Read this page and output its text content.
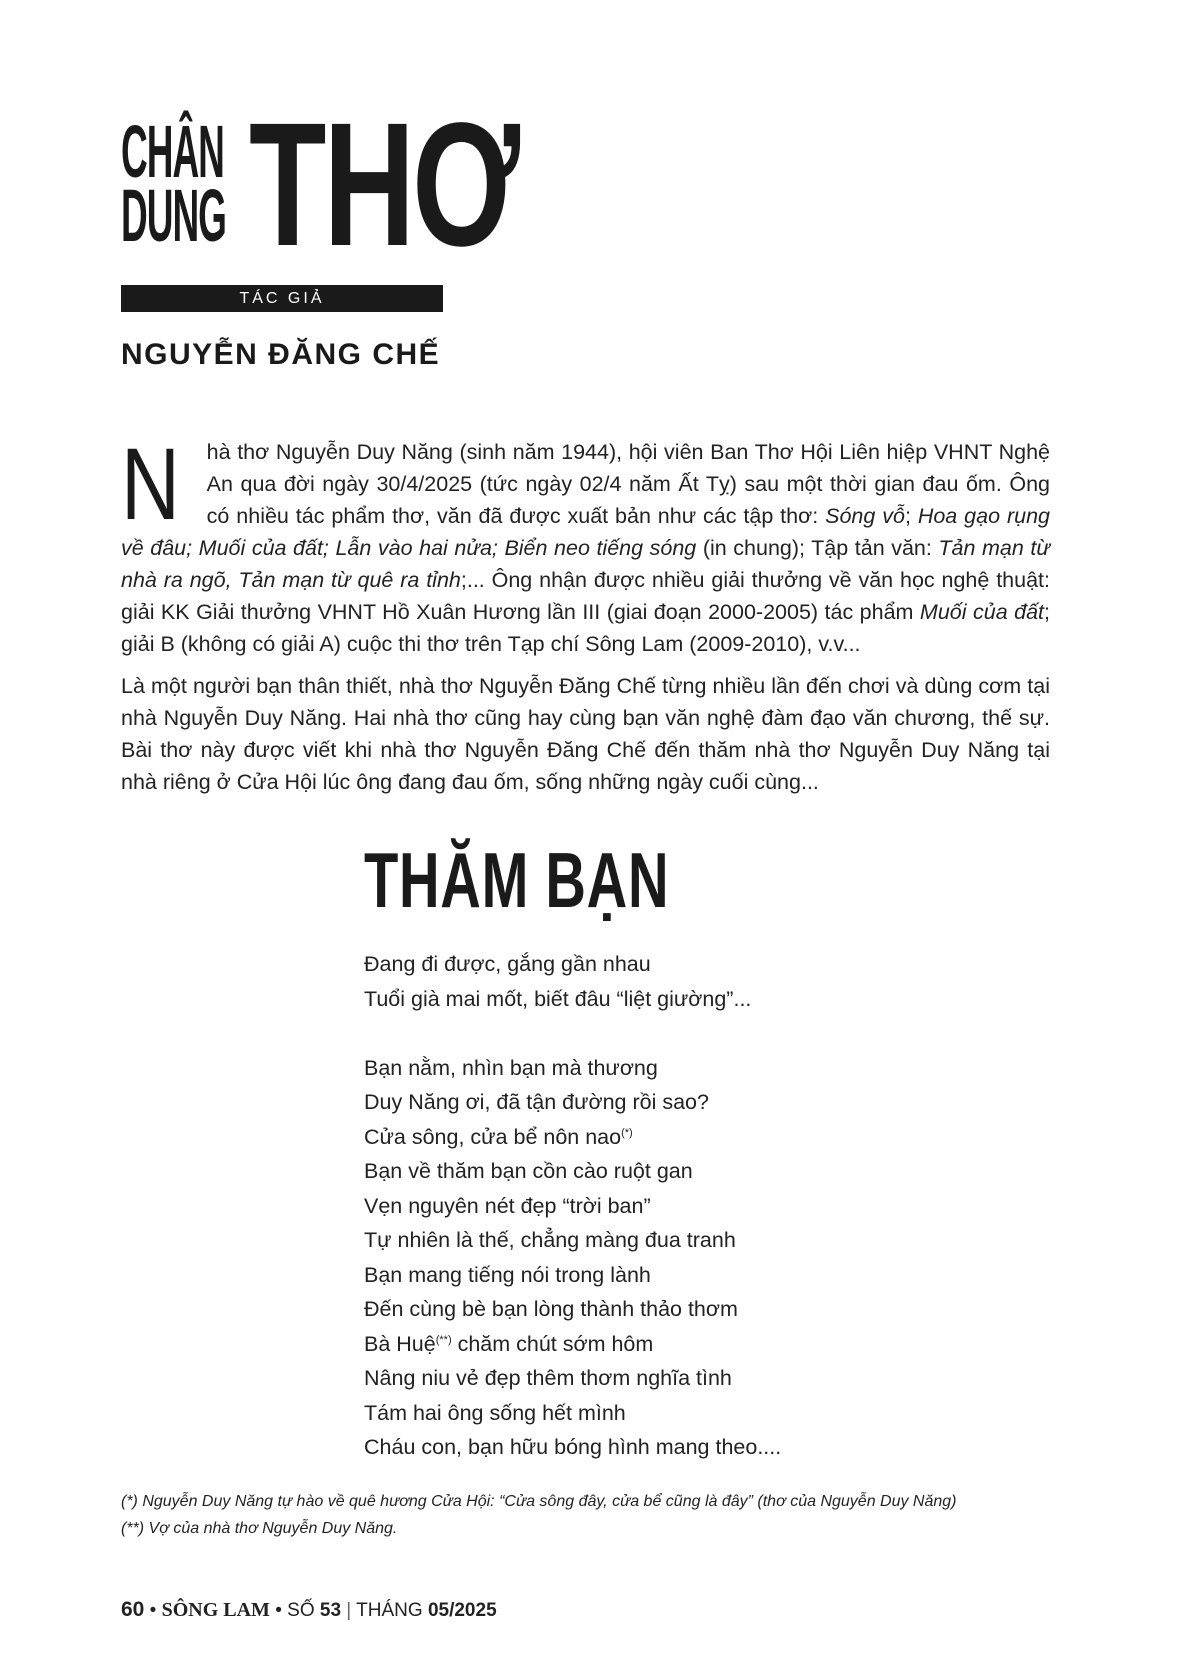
CHÂN
DUNG THƠ
TÁC GIẢ
NGUYỄN ĐĂNG CHẾ

N hà thơ Nguyễn Duy Năng (sinh năm 1944), hội viên Ban Thơ Hội Liên hiệp VHNT Nghệ An qua đời ngày 30/4/2025 (tức ngày 02/4 năm Ất Tỵ) sau một thời gian đau ốm. Ông có nhiều tác phẩm thơ, văn đã được xuất bản như các tập thơ: Sóng vỗ; Hoa gạo rụng về đâu; Muối của đất; Lẫn vào hai nửa; Biển neo tiếng sóng (in chung); Tập tản văn: Tản mạn từ nhà ra ngõ, Tản mạn từ quê ra tỉnh;... Ông nhận được nhiều giải thưởng về văn học nghệ thuật: giải KK Giải thưởng VHNT Hồ Xuân Hương lần III (giai đoạn 2000-2005) tác phẩm Muối của đất; giải B (không có giải A) cuộc thi thơ trên Tạp chí Sông Lam (2009-2010), v.v...

Là một người bạn thân thiết, nhà thơ Nguyễn Đăng Chế từng nhiều lần đến chơi và dùng cơm tại nhà Nguyễn Duy Năng. Hai nhà thơ cũng hay cùng bạn văn nghệ đàm đạo văn chương, thế sự. Bài thơ này được viết khi nhà thơ Nguyễn Đăng Chế đến thăm nhà thơ Nguyễn Duy Năng tại nhà riêng ở Cửa Hội lúc ông đang đau ốm, sống những ngày cuối cùng...

THĂM BẠN
Đang đi được, gắng gần nhau
Tuổi già mai mốt, biết đâu “liệt giường”...
Bạn nằm, nhìn bạn mà thương
Duy Năng ơi, đã tận đường rồi sao?
Cửa sông, cửa bể nôn nao(*)
Bạn về thăm bạn cồn cào ruột gan
Vẹn nguyên nét đẹp “trời ban”
Tự nhiên là thế, chẳng màng đua tranh
Bạn mang tiếng nói trong lành
Đến cùng bè bạn lòng thành thảo thơm
Bà Huệ(**) chăm chút sớm hôm
Nâng niu vẻ đẹp thêm thơm nghĩa tình
Tám hai ông sống hết mình
Cháu con, bạn hữu bóng hình mang theo....
(*) Nguyễn Duy Năng tự hào về quê hương Cửa Hội: “Cửa sông đây, cửa bể cũng là đây” (thơ của Nguyễn Duy Năng)
(**) Vợ của nhà thơ Nguyễn Duy Năng.
60 • SÔNG LAM • SỐ 53 | THÁNG 05/2025
